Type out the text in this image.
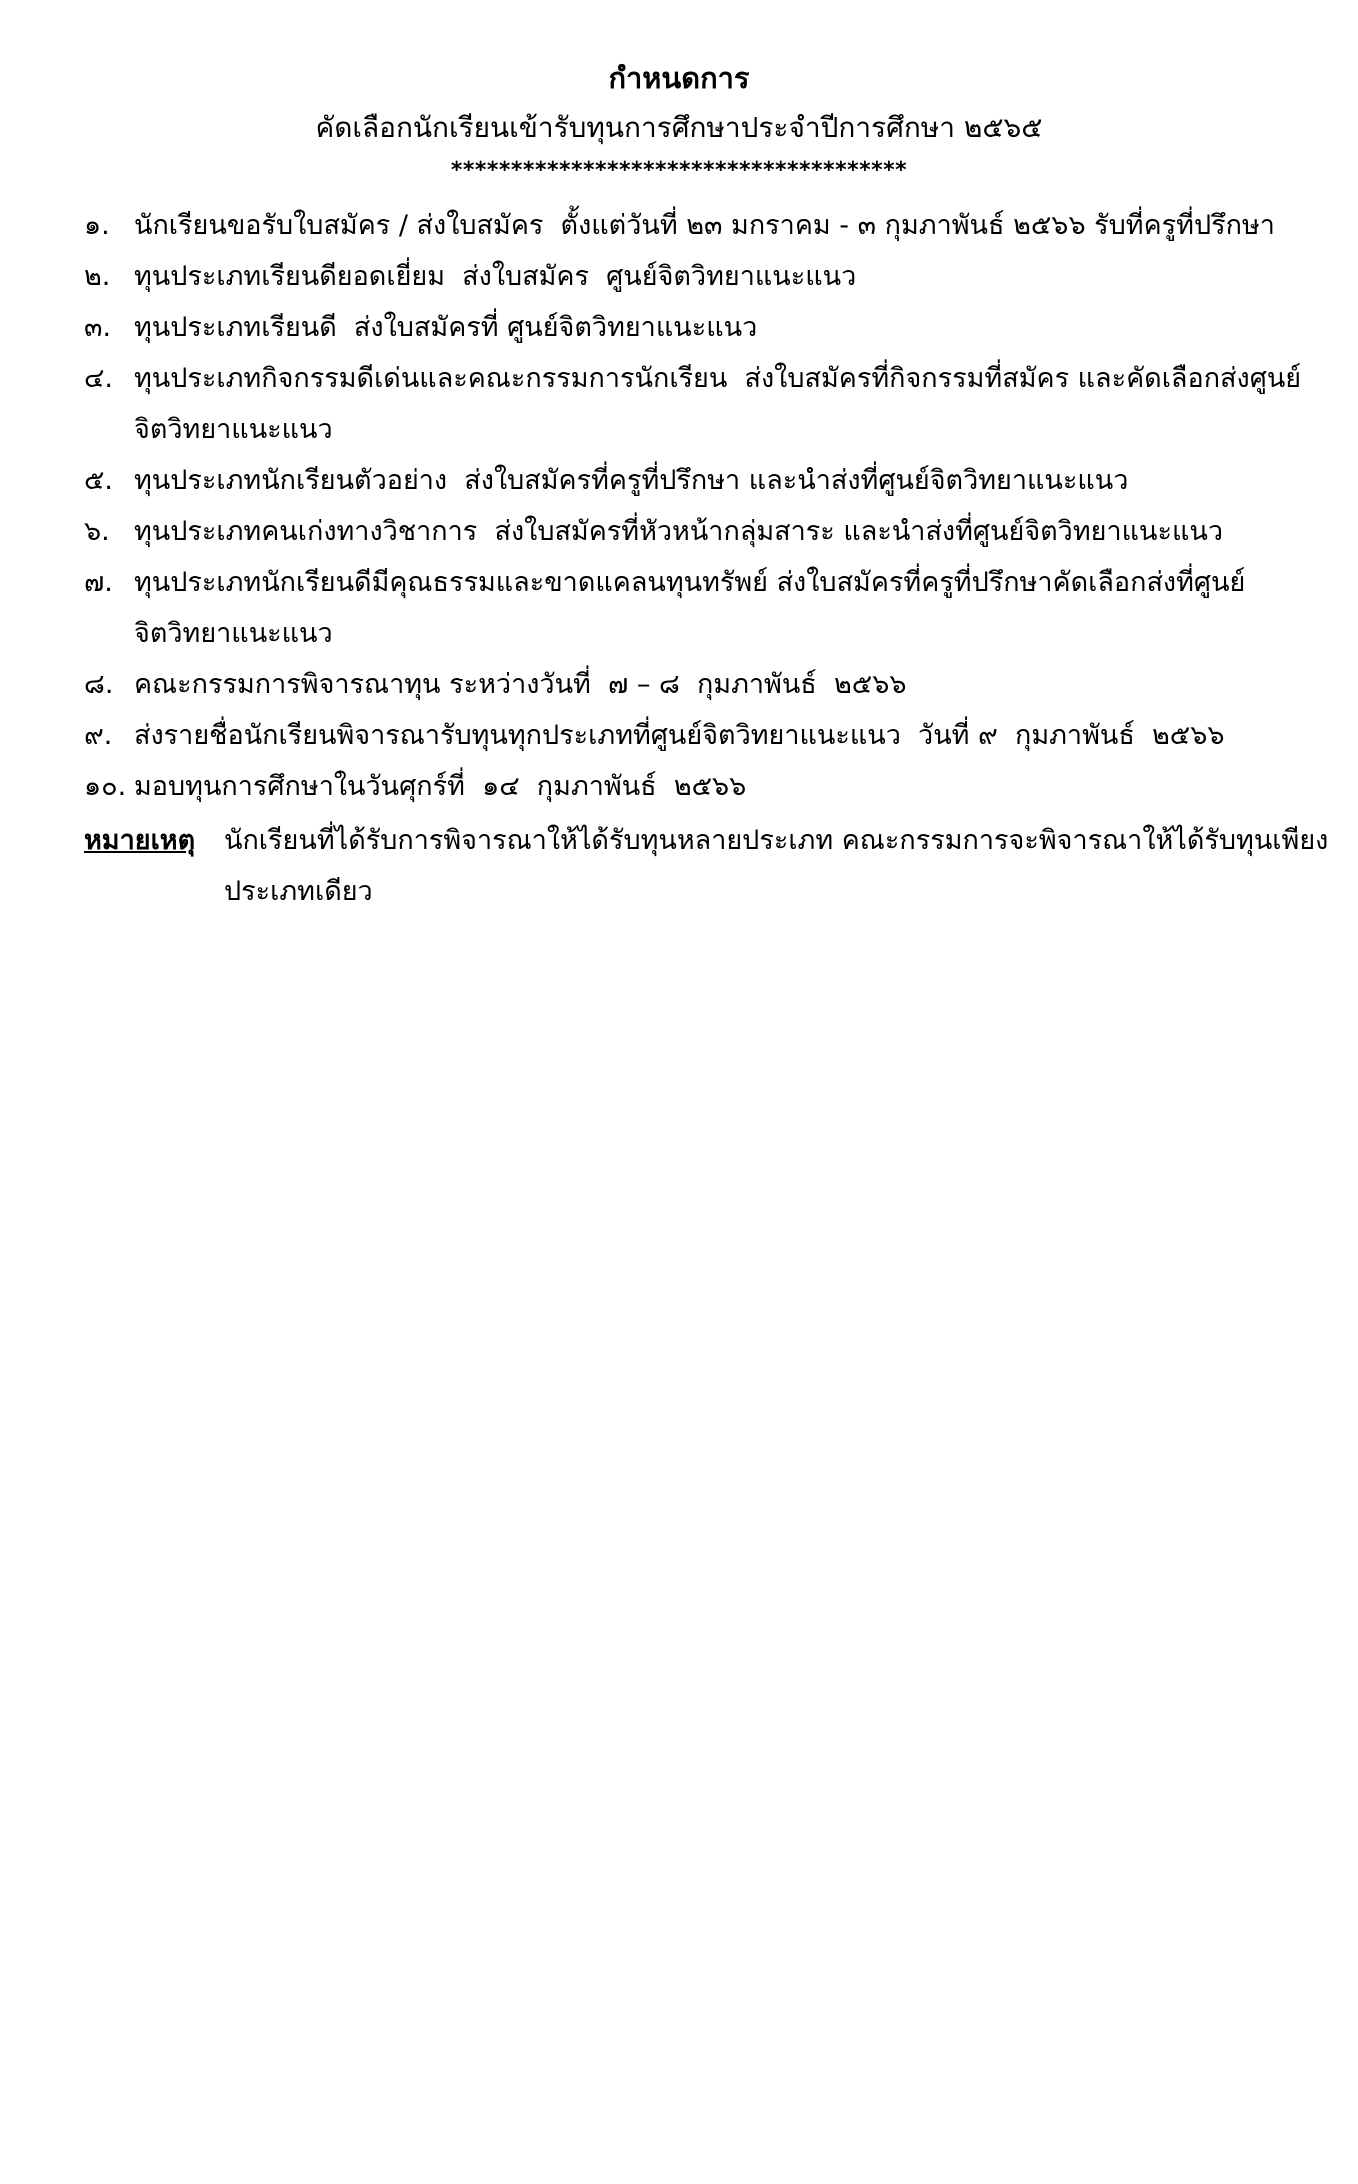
กำหนดการ
คัดเลือกนักเรียนเข้ารับทุนการศึกษาประจำปีการศึกษา ๒๕๖๕
**************************************
๑. นักเรียนขอรับใบสมัคร / ส่งใบสมัคร  ตั้งแต่วันที่ ๒๓ มกราคม - ๓ กุมภาพันธ์ ๒๕๖๖ รับที่ครูที่ปรึกษา
๒. ทุนประเภทเรียนดียอดเยี่ยม  ส่งใบสมัคร  ศูนย์จิตวิทยาแนะแนว
๓. ทุนประเภทเรียนดี  ส่งใบสมัครที่ ศูนย์จิตวิทยาแนะแนว
๔. ทุนประเภทกิจกรรมดีเด่นและคณะกรรมการนักเรียน  ส่งใบสมัครที่กิจกรรมที่สมัคร และคัดเลือกส่งศูนย์จิตวิทยาแนะแนว
๕. ทุนประเภทนักเรียนตัวอย่าง  ส่งใบสมัครที่ครูที่ปรึกษา และนำส่งที่ศูนย์จิตวิทยาแนะแนว
๖. ทุนประเภทคนเก่งทางวิชาการ  ส่งใบสมัครที่หัวหน้ากลุ่มสาระ และนำส่งที่ศูนย์จิตวิทยาแนะแนว
๗. ทุนประเภทนักเรียนดีมีคุณธรรมและขาดแคลนทุนทรัพย์ ส่งใบสมัครที่ครูที่ปรึกษาคัดเลือกส่งที่ศูนย์จิตวิทยาแนะแนว
๘. คณะกรรมการพิจารณาทุน ระหว่างวันที่  ๗ – ๘  กุมภาพันธ์  ๒๕๖๖
๙. ส่งรายชื่อนักเรียนพิจารณารับทุนทุกประเภทที่ศูนย์จิตวิทยาแนะแนว  วันที่ ๙  กุมภาพันธ์  ๒๕๖๖
๑๐. มอบทุนการศึกษาในวันศุกร์ที่  ๑๔  กุมภาพันธ์  ๒๕๖๖
หมายเหตุ นักเรียนที่ได้รับการพิจารณาให้ได้รับทุนหลายประเภท คณะกรรมการจะพิจารณาให้ได้รับทุนเพียงประเภทเดียว
